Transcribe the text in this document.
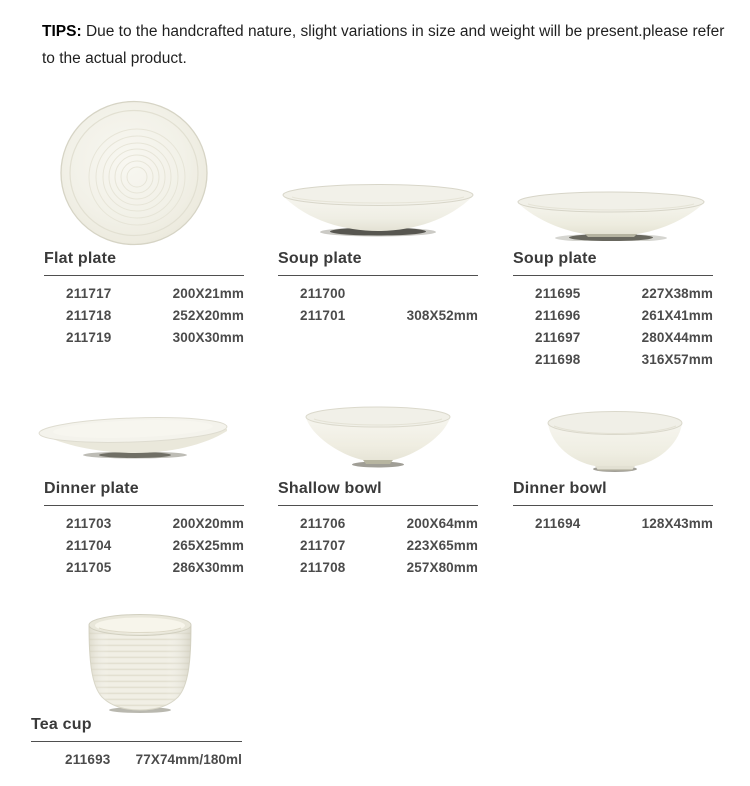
TIPS: Due to the handcrafted nature, slight variations in size and weight will be present.please refer
to the actual product.
Flat plate
211717	200X21mm
211718	252X20mm
211719	300X30mm
Soup plate
211700
211701	308X52mm
Soup plate
211695	227X38mm
211696	261X41mm
211697	280X44mm
211698	316X57mm
Dinner plate
211703	200X20mm
211704	265X25mm
211705	286X30mm
Shallow bowl
211706	200X64mm
211707	223X65mm
211708	257X80mm
Dinner bowl
211694	128X43mm
Tea cup
211693 77X74mm/180ml
